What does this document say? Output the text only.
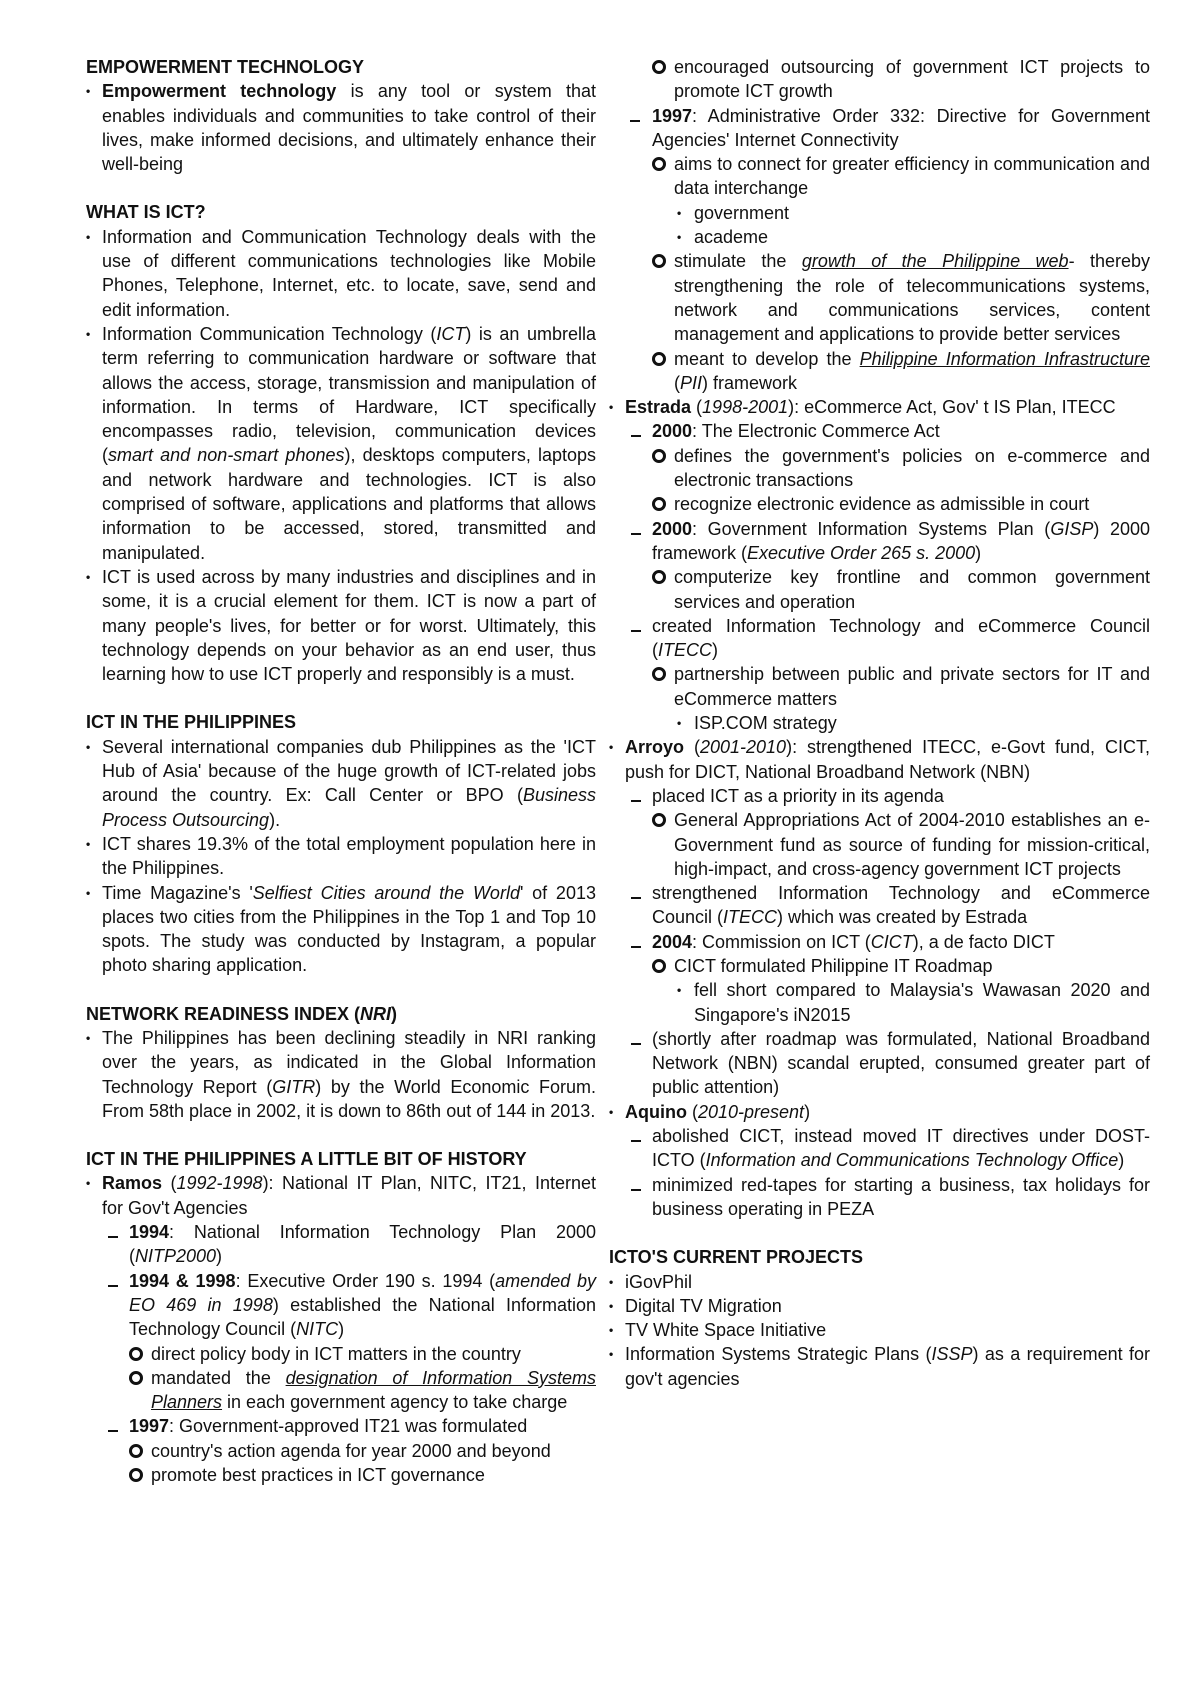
EMPOWERMENT TECHNOLOGY

• Empowerment technology is any tool or system that enables individuals and communities to take control of their lives, make informed decisions, and ultimately enhance their well-being

WHAT IS ICT?

• Information and Communication Technology deals with the use of different communications technologies like Mobile Phones, Telephone, Internet, etc. to locate, save, send and edit information.
• Information Communication Technology (ICT) is an umbrella term referring to communication hardware or software that allows the access, storage, transmission and manipulation of information. In terms of Hardware, ICT specifically encompasses radio, television, communication devices (smart and non-smart phones), desktops computers, laptops and network hardware and technologies. ICT is also comprised of software, applications and platforms that allows information to be accessed, stored, transmitted and manipulated.
• ICT is used across by many industries and disciplines and in some, it is a crucial element for them. ICT is now a part of many people's lives, for better or for worst. Ultimately, this technology depends on your behavior as an end user, thus learning how to use ICT properly and responsibly is a must.

ICT IN THE PHILIPPINES

• Several international companies dub Philippines as the 'ICT Hub of Asia' because of the huge growth of ICT-related jobs around the country. Ex: Call Center or BPO (Business Process Outsourcing).
• ICT shares 19.3% of the total employment population here in the Philippines.
• Time Magazine's 'Selfiest Cities around the World' of 2013 places two cities from the Philippines in the Top 1 and Top 10 spots. The study was conducted by Instagram, a popular photo sharing application.

NETWORK READINESS INDEX (NRI)

• The Philippines has been declining steadily in NRI ranking over the years, as indicated in the Global Information Technology Report (GITR) by the World Economic Forum. From 58th place in 2002, it is down to 86th out of 144 in 2013.

ICT IN THE PHILIPPINES A LITTLE BIT OF HISTORY

• Ramos (1992-1998): National IT Plan, NITC, IT21, Internet for Gov't Agencies
1994: National Information Technology Plan 2000 (NITP2000)
1994 & 1998: Executive Order 190 s. 1994 (amended by EO 469 in 1998) established the National Information Technology Council (NITC)
direct policy body in ICT matters in the country
mandated the designation of Information Systems Planners in each government agency to take charge
1997: Government-approved IT21 was formulated
country's action agenda for year 2000 and beyond
promote best practices in ICT governance
encouraged outsourcing of government ICT projects to promote ICT growth
1997: Administrative Order 332: Directive for Government Agencies' Internet Connectivity
aims to connect for greater efficiency in communication and data interchange
• government
• academe
stimulate the growth of the Philippine web- thereby strengthening the role of telecommunications systems, network and communications services, content management and applications to provide better services
meant to develop the Philippine Information Infrastructure (PII) framework
• Estrada (1998-2001): eCommerce Act, Gov' t IS Plan, ITECC
2000: The Electronic Commerce Act
defines the government's policies on e-commerce and electronic transactions
recognize electronic evidence as admissible in court
2000: Government Information Systems Plan (GISP) 2000 framework (Executive Order 265 s. 2000)
computerize key frontline and common government services and operation
created Information Technology and eCommerce Council (ITECC)
partnership between public and private sectors for IT and eCommerce matters
• ISP.COM strategy
• Arroyo (2001-2010): strengthened ITECC, e-Govt fund, CICT, push for DICT, National Broadband Network (NBN)
placed ICT as a priority in its agenda
General Appropriations Act of 2004-2010 establishes an e-Government fund as source of funding for mission-critical, high-impact, and cross-agency government ICT projects
strengthened Information Technology and eCommerce Council (ITECC) which was created by Estrada
2004: Commission on ICT (CICT), a de facto DICT
CICT formulated Philippine IT Roadmap
• fell short compared to Malaysia's Wawasan 2020 and Singapore's iN2015
(shortly after roadmap was formulated, National Broadband Network (NBN) scandal erupted, consumed greater part of public attention)
• Aquino (2010-present)
abolished CICT, instead moved IT directives under DOST-ICTO (Information and Communications Technology Office)
minimized red-tapes for starting a business, tax holidays for business operating in PEZA

ICTO'S CURRENT PROJECTS

• iGovPhil
• Digital TV Migration
• TV White Space Initiative
• Information Systems Strategic Plans (ISSP) as a requirement for gov't agencies
